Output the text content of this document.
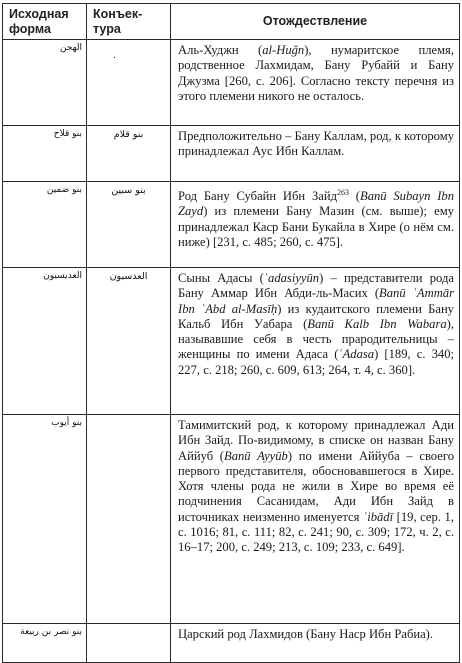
Исходная форма	Конъек-тура	Отождествление
الهجن	·	Аль-Худжн (al-Huǧn), нумаритское племя, родственное Лахмидам, Бану Рубайй и Бану Джузма [260, с. 206]. Согласно тексту перечня из этого племени никого не осталось.
بنو قلاح	بنو قلام	Предположительно – Бану Каллам, род, к которому принадлежал Аус Ибн Каллам.
بنو ضمين	بنو سبين	Род Бану Субайн Ибн Зайд$^{263}$ (Banū Subayn Ibn Zayd) из племени Бану Мазин (см. выше); ему принадлежал Каср Бани Букайла в Хире (о нём см. ниже) [231, с. 485; 260, с. 475].
العديسيون	العدسيون	Сыны Адасы (ʿadasiyyūn) – представители рода Бану Аммар Ибн Абди-ль-Масих (Banū ʿAmmār Ibn ʿAbd al-Masīḥ) из кудаитского племени Бану Кальб Ибн Уабара (Banū Kalb Ibn Wabara), называвшие себя в честь прародительницы – женщины по имени Адаса (ʿAdasa) [189, с. 340; 227, с. 218; 260, с. 609, 613; 264, т. 4, с. 360].
بنو أيوب		Тамимитский род, к которому принадлежал Ади Ибн Зайд. По-видимому, в списке он назван Бану Аййуб (Banū Ayyūb) по имени Аййуба – своего первого представителя, обосновавшегося в Хире. Хотя члены рода не жили в Хире во время её подчинения Сасанидам, Ади Ибн Зайд в источниках неизменно именуется ʿibādī [19, сер. 1, с. 1016; 81, с. 111; 82, с. 241; 90, с. 309; 172, ч. 2, с. 16–17; 200, с. 249; 213, с. 109; 233, с. 649].
بنو نصر بن ربيعة		Царский род Лахмидов (Бану Наср Ибн Рабиа).
